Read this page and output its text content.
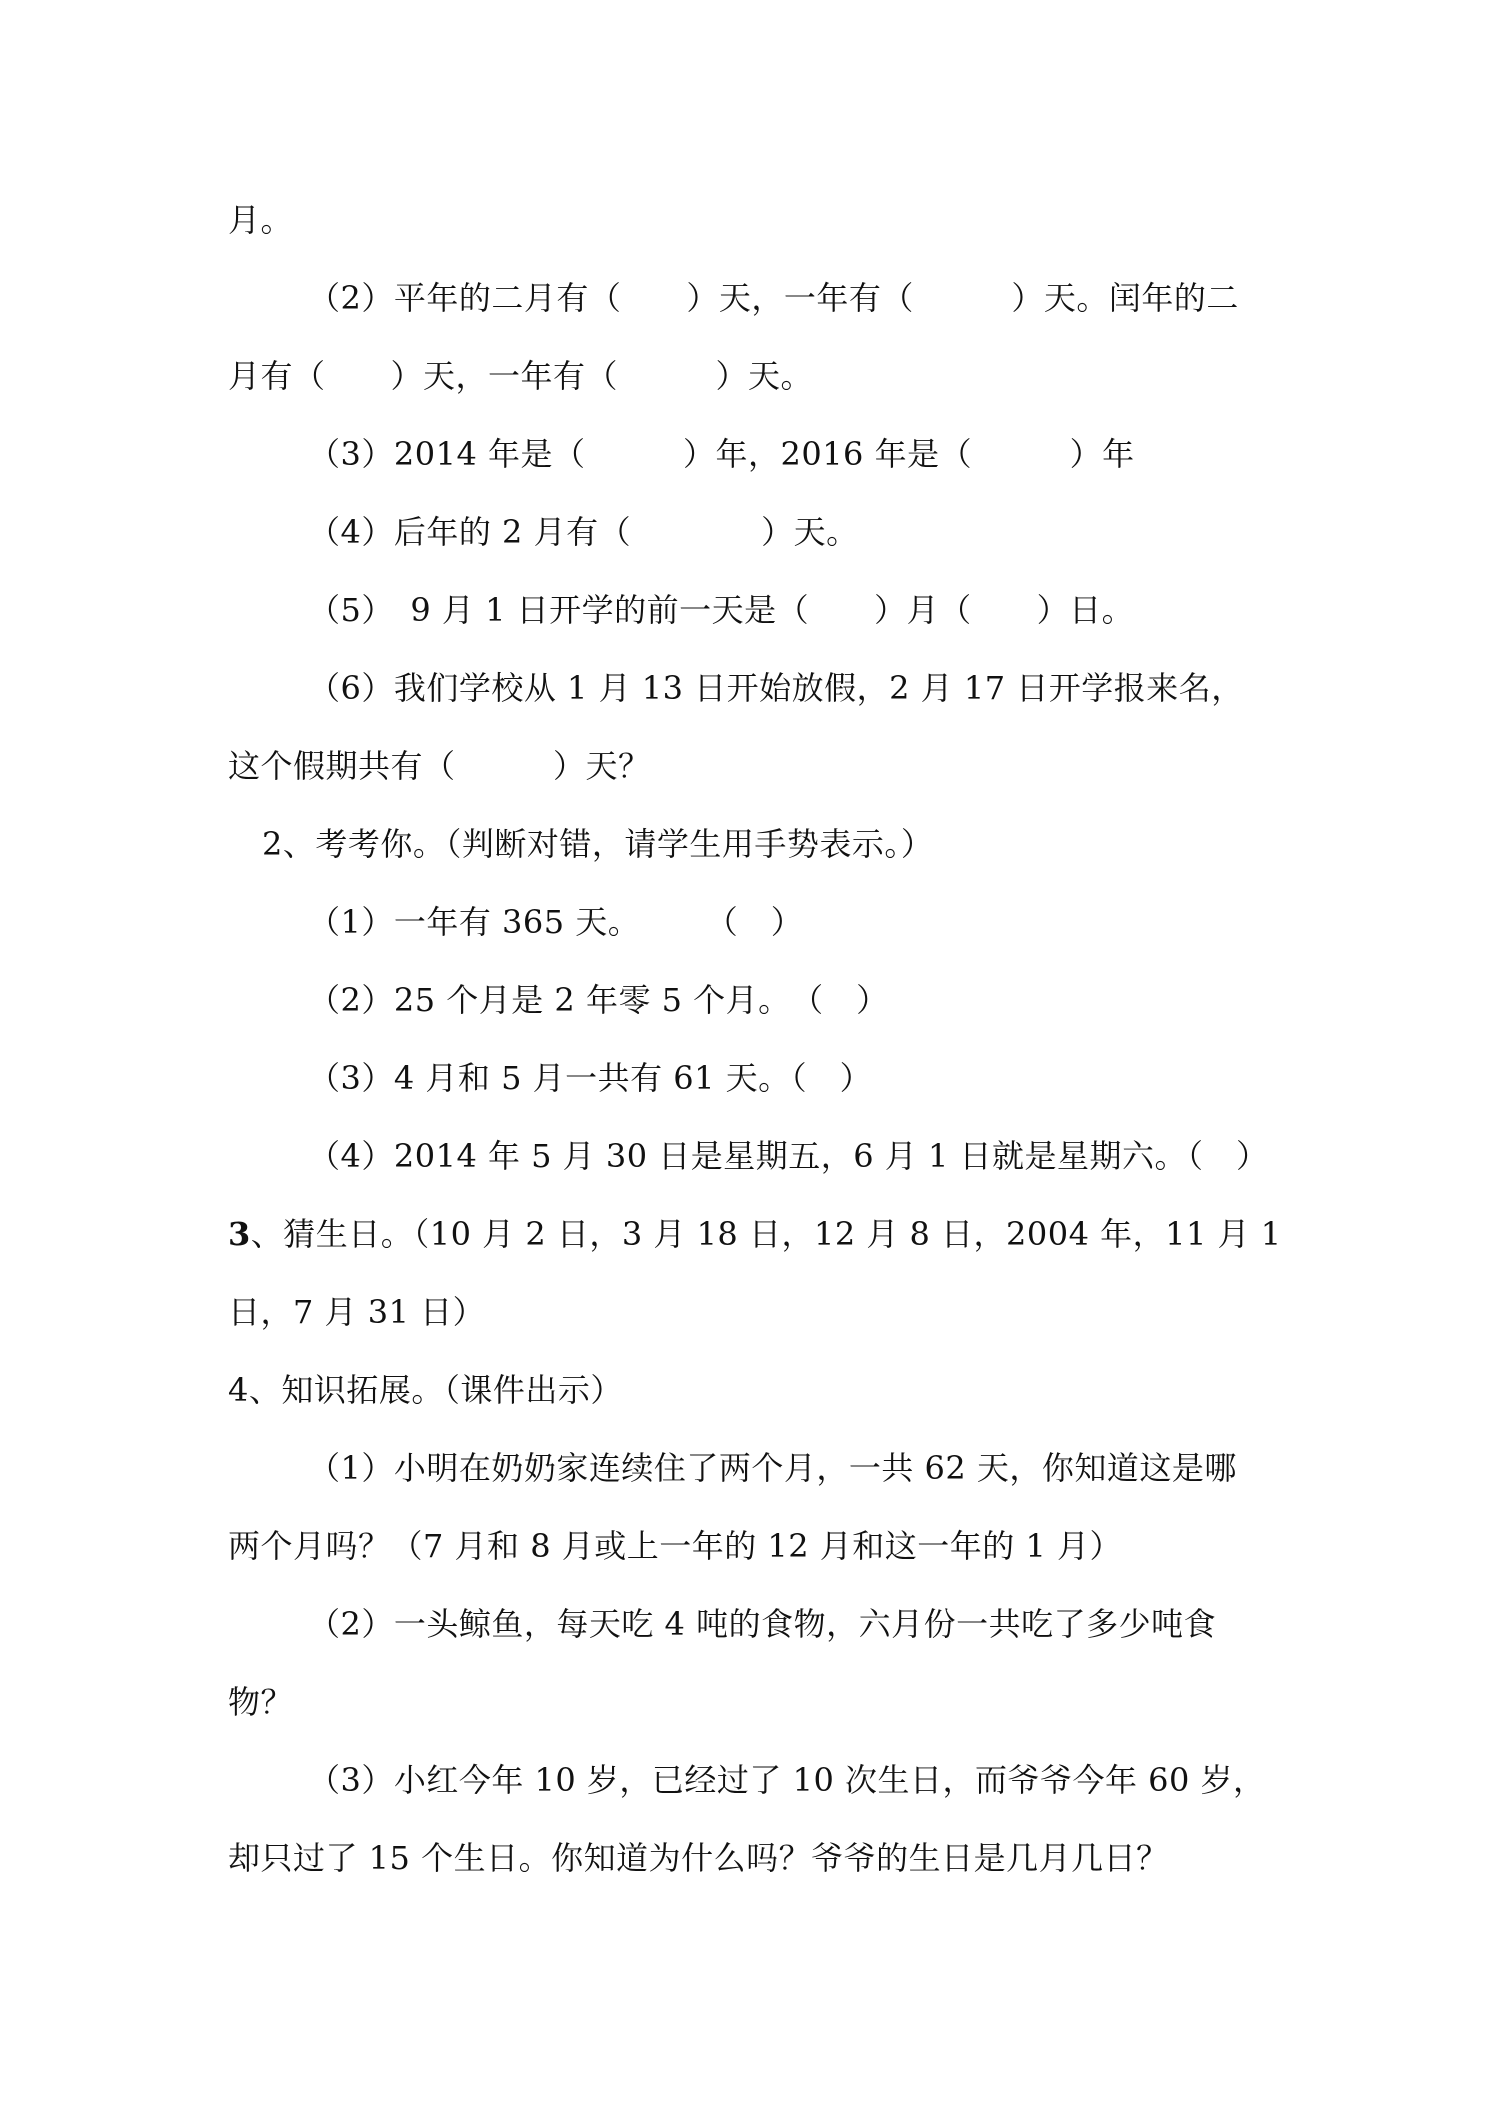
月。
（2）平年的二月有（　　）天，一年有（　　　）天。闰年的二
月有（　　）天，一年有（　　　）天。
（3）2014 年是（　　　）年，2016 年是（　　　）年
（4）后年的 2 月有（　　　　）天。
（5）　9 月 1 日开学的前一天是（　　）月（　　）日。
（6）我们学校从 1 月 13 日开始放假，2 月 17 日开学报来名，
这个假期共有（　　　）天？
2、考考你。（判断对错，请学生用手势表示。）
（1）一年有 365 天。　　　（　）
（2）25 个月是 2 年零 5 个月。　（　）
（3）4 月和 5 月一共有 61 天。（　）
（4）2014 年 5 月 30 日是星期五，6 月 1 日就是星期六。（　）
3、猜生日。（10 月 2 日，3 月 18 日，12 月 8 日，2004 年，11 月 1
日，7 月 31 日）
4、知识拓展。（课件出示）
（1）小明在奶奶家连续住了两个月，一共 62 天，你知道这是哪
两个月吗？（7 月和 8 月或上一年的 12 月和这一年的 1 月）
（2）一头鲸鱼，每天吃 4 吨的食物，六月份一共吃了多少吨食
物？
（3）小红今年 10 岁，已经过了 10 次生日，而爷爷今年 60 岁，
却只过了 15 个生日。你知道为什么吗？爷爷的生日是几月几日？
